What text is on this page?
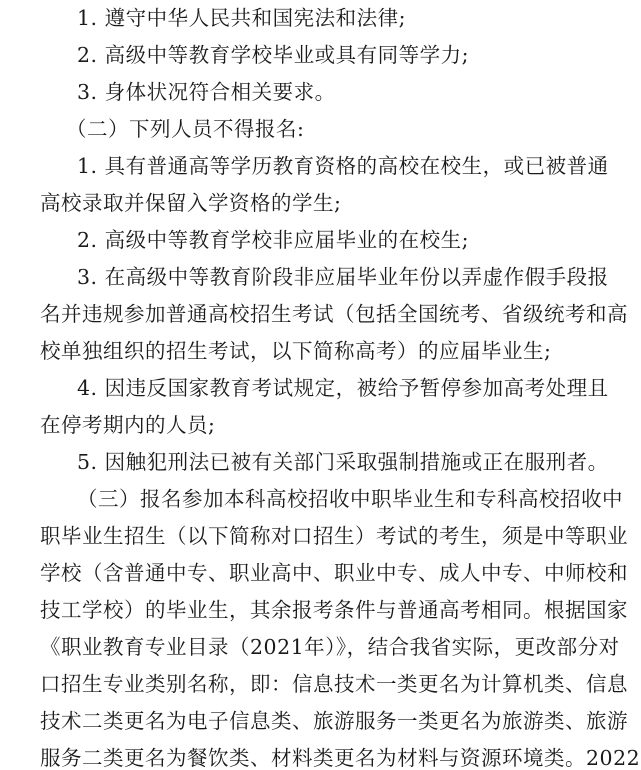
1. 遵守中华人民共和国宪法和法律;
2. 高级中等教育学校毕业或具有同等学力;
3. 身体状况符合相关要求。
（二）下列人员不得报名:
1. 具有普通高等学历教育资格的高校在校生，或已被普通
高校录取并保留入学资格的学生;
2. 高级中等教育学校非应届毕业的在校生;
3. 在高级中等教育阶段非应届毕业年份以弄虚作假手段报
名并违规参加普通高校招生考试（包括全国统考、省级统考和高
校单独组织的招生考试，以下简称高考）的应届毕业生;
4. 因违反国家教育考试规定，被给予暂停参加高考处理且
在停考期内的人员;
5. 因触犯刑法已被有关部门采取强制措施或正在服刑者。
（三）报名参加本科高校招收中职毕业生和专科高校招收中
职毕业生招生（以下简称对口招生）考试的考生，须是中等职业
学校（含普通中专、职业高中、职业中专、成人中专、中师校和
技工学校）的毕业生，其余报考条件与普通高考相同。根据国家
《职业教育专业目录（2021年）》，结合我省实际，更改部分对
口招生专业类别名称，即：信息技术一类更名为计算机类、信息
技术二类更名为电子信息类、旅游服务一类更名为旅游类、旅游
服务二类更名为餐饮类、材料类更名为材料与资源环境类。2022
